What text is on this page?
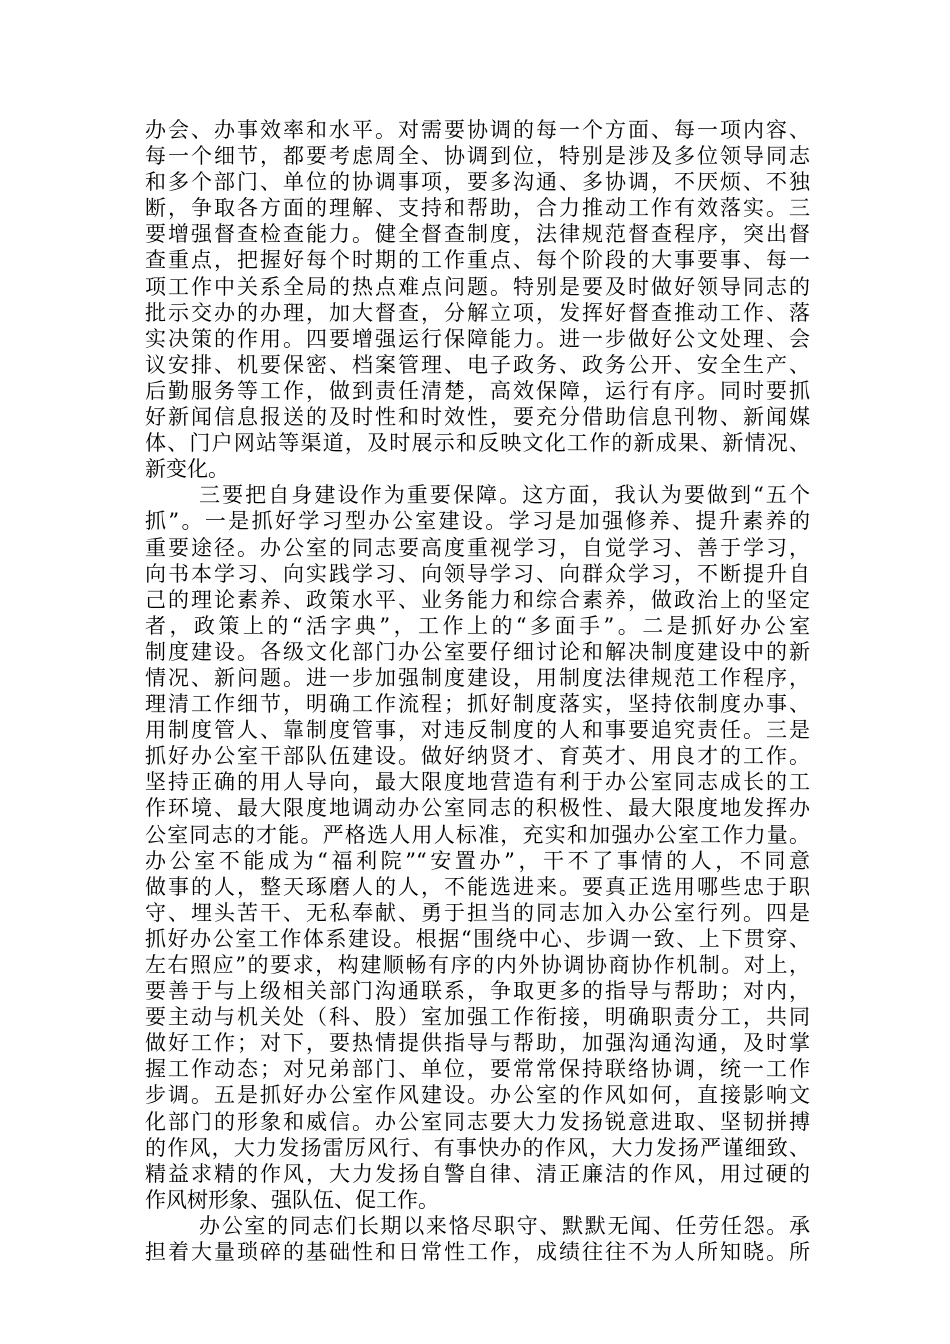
办会、办事效率和水平。对需要协调的每一个方面、每一项内容、
每一个细节，都要考虑周全、协调到位，特别是涉及多位领导同志
和多个部门、单位的协调事项，要多沟通、多协调，不厌烦、不独
断，争取各方面的理解、支持和帮助，合力推动工作有效落实。三
要增强督查检查能力。健全督查制度，法律规范督查程序，突出督
查重点，把握好每个时期的工作重点、每个阶段的大事要事、每一
项工作中关系全局的热点难点问题。特别是要及时做好领导同志的
批示交办的办理，加大督查，分解立项，发挥好督查推动工作、落
实决策的作用。四要增强运行保障能力。进一步做好公文处理、会
议安排、机要保密、档案管理、电子政务、政务公开、安全生产、
后勤服务等工作，做到责任清楚，高效保障，运行有序。同时要抓
好新闻信息报送的及时性和时效性，要充分借助信息刊物、新闻媒
体、门户网站等渠道，及时展示和反映文化工作的新成果、新情况、
新变化。
三要把自身建设作为重要保障。这方面，我认为要做到“五个
抓”。一是抓好学习型办公室建设。学习是加强修养、提升素养的
重要途径。办公室的同志要高度重视学习，自觉学习、善于学习，
向书本学习、向实践学习、向领导学习、向群众学习，不断提升自
己的理论素养、政策水平、业务能力和综合素养，做政治上的坚定
者，政策上的“活字典”，工作上的“多面手”。二是抓好办公室
制度建设。各级文化部门办公室要仔细讨论和解决制度建设中的新
情况、新问题。进一步加强制度建设，用制度法律规范工作程序，
理清工作细节，明确工作流程；抓好制度落实，坚持依制度办事、
用制度管人、靠制度管事，对违反制度的人和事要追究责任。三是
抓好办公室干部队伍建设。做好纳贤才、育英才、用良才的工作。
坚持正确的用人导向，最大限度地营造有利于办公室同志成长的工
作环境、最大限度地调动办公室同志的积极性、最大限度地发挥办
公室同志的才能。严格选人用人标准，充实和加强办公室工作力量。
办公室不能成为“福利院”“安置办”，干不了事情的人，不同意
做事的人，整天琢磨人的人，不能选进来。要真正选用哪些忠于职
守、埋头苦干、无私奉献、勇于担当的同志加入办公室行列。四是
抓好办公室工作体系建设。根据“围绕中心、步调一致、上下贯穿、
左右照应”的要求，构建顺畅有序的内外协调协商协作机制。对上，
要善于与上级相关部门沟通联系，争取更多的指导与帮助；对内，
要主动与机关处（科、股）室加强工作衔接，明确职责分工，共同
做好工作；对下，要热情提供指导与帮助，加强沟通沟通，及时掌
握工作动态；对兄弟部门、单位，要常常保持联络协调，统一工作
步调。五是抓好办公室作风建设。办公室的作风如何，直接影响文
化部门的形象和威信。办公室同志要大力发扬锐意进取、坚韧拼搏
的作风，大力发扬雷厉风行、有事快办的作风，大力发扬严谨细致、
精益求精的作风，大力发扬自警自律、清正廉洁的作风，用过硬的
作风树形象、强队伍、促工作。
办公室的同志们长期以来恪尽职守、默默无闻、任劳任怨。承
担着大量琐碎的基础性和日常性工作，成绩往往不为人所知晓。所
